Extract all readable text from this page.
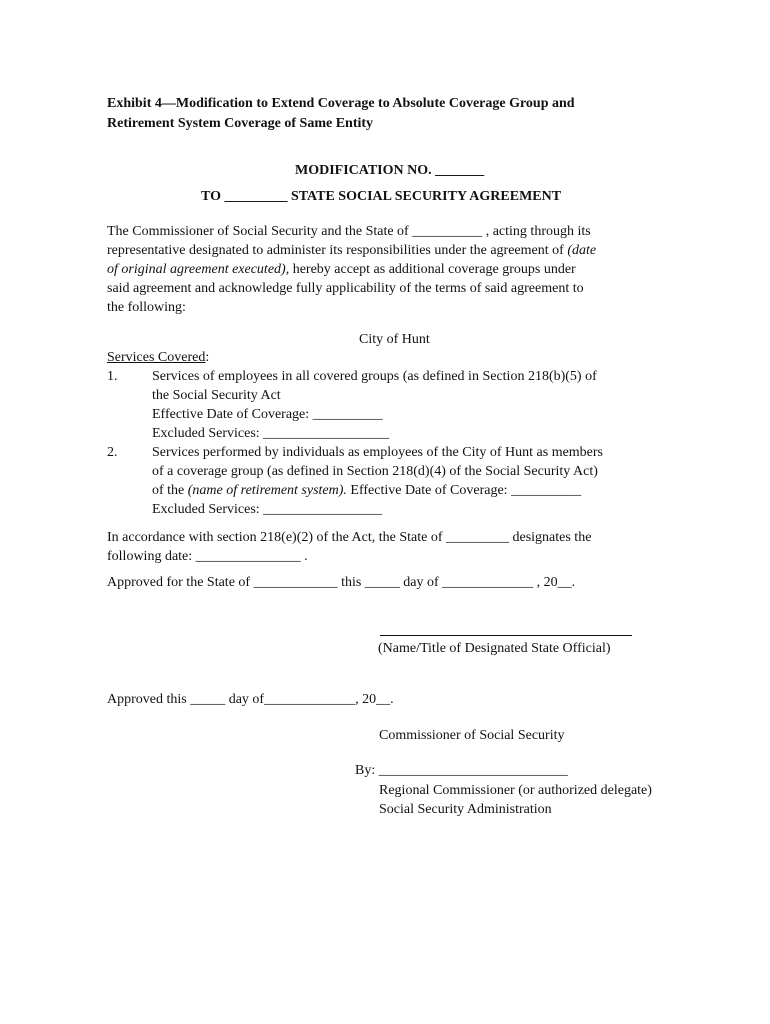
Exhibit 4—Modification to Extend Coverage to Absolute Coverage Group and
Retirement System Coverage of Same Entity
MODIFICATION NO. _______
TO _________ STATE SOCIAL SECURITY AGREEMENT
The Commissioner of Social Security and the State of __________ , acting through its
representative designated to administer its responsibilities under the agreement of (date
of original agreement executed), hereby accept as additional coverage groups under
said agreement and acknowledge fully applicability of the terms of said agreement to
the following:
City of Hunt
Services Covered:
1. Services of employees in all covered groups (as defined in Section 218(b)(5) of
the Social Security Act
Effective Date of Coverage: __________
Excluded Services: __________________
2. Services performed by individuals as employees of the City of Hunt as members
of a coverage group (as defined in Section 218(d)(4) of the Social Security Act)
of the (name of retirement system). Effective Date of Coverage: __________
Excluded Services: _________________
In accordance with section 218(e)(2) of the Act, the State of _________ designates the
following date: _______________ .
Approved for the State of ____________ this _____ day of _____________ , 20__.
(Name/Title of Designated State Official)
Approved this _____ day of_____________, 20__.
Commissioner of Social Security
By: ___________________________
Regional Commissioner (or authorized delegate)
Social Security Administration
